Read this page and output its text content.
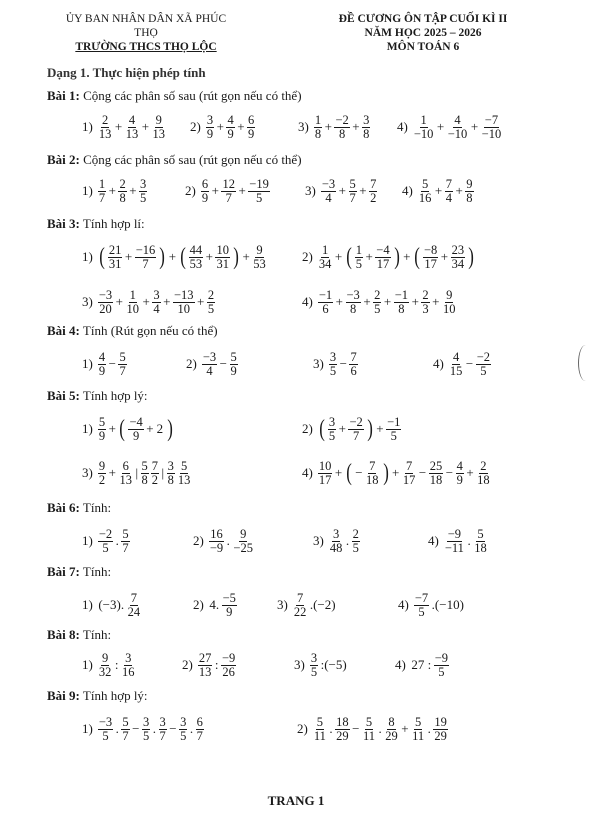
ỦY BAN NHÂN DÂN XÃ PHÚC THỌ
TRƯỜNG THCS THỌ LỘC
ĐỀ CƯƠNG ÔN TẬP CUỐI KÌ II
NĂM HỌC 2025 – 2026
MÔN TOÁN 6
Dạng 1. Thực hiện phép tính
Bài 1: Cộng các phân số sau (rút gọn nếu có thể)
Bài 2: Cộng các phân số sau (rút gọn nếu có thể)
Bài 3: Tính hợp lí:
Bài 4: Tính (Rút gọn nếu có thể)
Bài 5: Tính hợp lý:
Bài 6: Tính:
Bài 7: Tính:
Bài 8: Tính:
Bài 9: Tính hợp lý:
$1) \frac{2}{13} + \frac{4}{13} + \frac{9}{13} 2) \frac{3}{9} + \frac{4}{9} + \frac{6}{9}$	$3) \frac{1}{8} + \frac{-2}{8} + \frac{3}{8} 4) \frac{1}{-10} + \frac{4}{-10} + \frac{-7}{-10}$
$1) \frac{1}{7} + \frac{2}{8} + \frac{3}{5}$	$2) \frac{6}{9} + \frac{12}{7} + \frac{-19}{5}$	$3) \frac{-3}{4} + \frac{5}{7} + \frac{7}{2} 4) \frac{5}{16} + \frac{7}{4} + \frac{9}{8}$
1) ( $\frac{21}{31} + \frac{-16}{7}$ ) + ( $\frac{44}{53} + \frac{10}{31}$ ) + $\frac{9}{53}$	$2) \frac{1}{34}$ + ( $\frac{1}{5} + \frac{-4}{17}$ ) + ( $\frac{-8}{17} + \frac{23}{34}$ )
$3) \frac{-3}{20} + \frac{1}{10} + \frac{3}{4} + \frac{-13}{10} + \frac{2}{5}$	$4) \frac{-1}{6} + \frac{-3}{8} + \frac{2}{5} + \frac{-1}{8} + \frac{2}{3} + \frac{9}{10}$
$1) \frac{4}{9} - \frac{5}{7}$	$2) \frac{-3}{4} - \frac{5}{9}$	$3) \frac{3}{5} - \frac{7}{6}$	$4) \frac{4}{15} - \frac{-2}{5}$
$1) \frac{5}{9}$ + ( $\frac{-4}{9} + 2$ )	2) ( $\frac{3}{5} + \frac{-2}{7}$ ) + $\frac{-1}{5}$
$3) \frac{9}{2} + \frac{6}{13}$ | $\frac{5}{8} \frac{7}{2}$ | $\frac{3}{8} \frac{5}{13}$	$4) \frac{10}{17}$ + ( − $\frac{7}{18}$ ) + $\frac{7}{17} - \frac{25}{18} - \frac{4}{9} + \frac{2}{18}$
$1) \frac{-2}{5}$ . $\frac{5}{7}$	$2) \frac{16}{-9}$ . $\frac{9}{-25}$	$3) \frac{3}{48}$ . $\frac{2}{5}$	$4) \frac{-9}{-11}$ . $\frac{5}{18}$
1) (−3). $\frac{7}{24}$	2) 4. $\frac{-5}{9}$	$3) \frac{7}{22} .(-2)$	$4) \frac{-7}{5} .(-10)$
$1) \frac{9}{32}$ : $\frac{3}{16}$	$2) \frac{27}{13}$ : $\frac{-9}{26}$	$3) \frac{3}{5}$ :(−5)	4) 27 : $\frac{-9}{5}$
$1) \frac{-3}{5}$ . $\frac{5}{7} - \frac{3}{5}$ . $\frac{3}{7} - \frac{3}{5}$ . $\frac{6}{7}$	$2) \frac{5}{11}$ . $\frac{18}{29} - \frac{5}{11}$ . $\frac{8}{29} + \frac{5}{11}$ . $\frac{19}{29}$
TRANG 1
